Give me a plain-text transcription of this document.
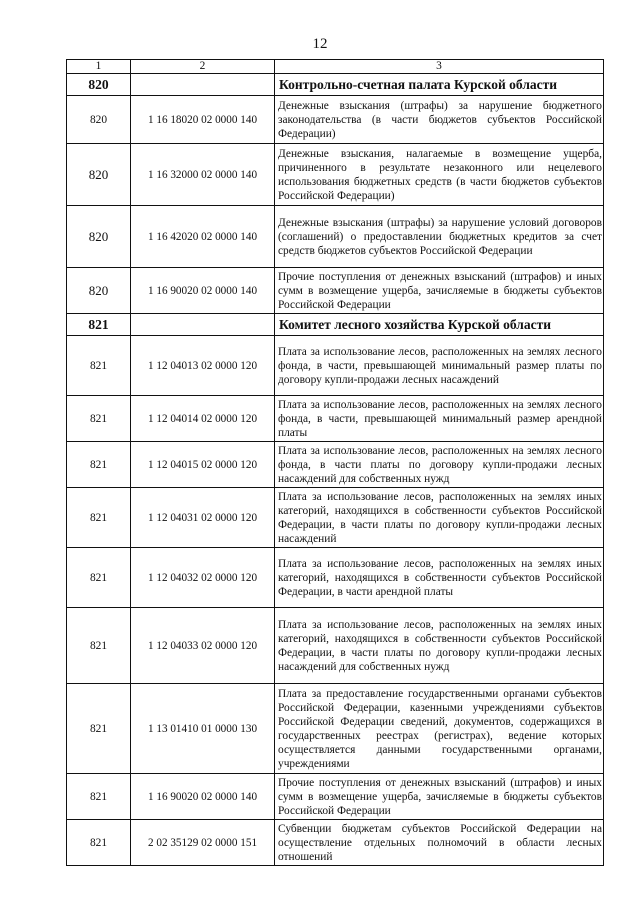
12
1	2	3
820		Контрольно-счетная палата Курской области
820	1 16 18020 02 0000 140	Денежные взыскания (штрафы) за нарушение бюджетного законодательства (в части бюджетов субъектов Российской Федерации)
820	1 16 32000 02 0000 140	Денежные взыскания, налагаемые в возмещение ущерба, причиненного в результате незаконного или нецелевого использования бюджетных средств (в части бюджетов субъектов Российской Федерации)
820	1 16 42020 02 0000 140	Денежные взыскания (штрафы) за нарушение условий договоров (соглашений) о предоставлении бюджетных кредитов за счет средств бюджетов субъектов Российской Федерации
820	1 16 90020 02 0000 140	Прочие поступления от денежных взысканий (штрафов) и иных сумм в возмещение ущерба, зачисляемые в бюджеты субъектов Российской Федерации
821		Комитет лесного хозяйства Курской области
821	1 12 04013 02 0000 120	Плата за использование лесов, расположенных на землях лесного фонда, в части, превышающей минимальный размер платы по договору купли-продажи лесных насаждений
821	1 12 04014 02 0000 120	Плата за использование лесов, расположенных на землях лесного фонда, в части, превышающей минимальный размер арендной платы
821	1 12 04015 02 0000 120	Плата за использование лесов, расположенных на землях лесного фонда, в части платы по договору купли-продажи лесных насаждений для собственных нужд
821	1 12 04031 02 0000 120	Плата за использование лесов, расположенных на землях иных категорий, находящихся в собственности субъектов Российской Федерации, в части платы по договору купли-продажи лесных насаждений
821	1 12 04032 02 0000 120	Плата за использование лесов, расположенных на землях иных категорий, находящихся в собственности субъектов Российской Федерации, в части арендной платы
821	1 12 04033 02 0000 120	Плата за использование лесов, расположенных на землях иных категорий, находящихся в собственности субъектов Российской Федерации, в части платы по договору купли-продажи лесных насаждений для собственных нужд
821	1 13 01410 01 0000 130	Плата за предоставление государственными органами субъектов Российской Федерации, казенными учреждениями субъектов Российской Федерации сведений, документов, содержащихся в государственных реестрах (регистрах), ведение которых осуществляется данными государственными органами, учреждениями
821	1 16 90020 02 0000 140	Прочие поступления от денежных взысканий (штрафов) и иных сумм в возмещение ущерба, зачисляемые в бюджеты субъектов Российской Федерации
821	2 02 35129 02 0000 151	Субвенции бюджетам субъектов Российской Федерации на осуществление отдельных полномочий в области лесных отношений
